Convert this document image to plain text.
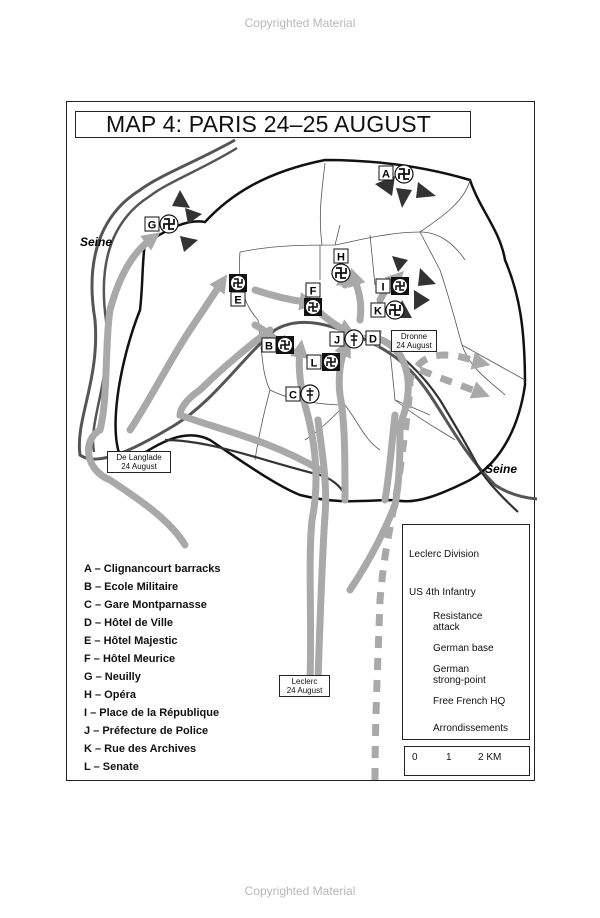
Copyrighted Material
A
G
E
H
F	I
K
B	J	D
L
C
Seine
Seine
MAP 4: PARIS 24–25 AUGUST
De Langlade
24 August
Dronne
24 August
Leclerc
24 August
A – Clignancourt barracks
B – Ecole Militaire
C – Gare Montparnasse
D – Hôtel de Ville
E – Hôtel Majestic
F – Hôtel Meurice
G – Neuilly
H – Opéra
I – Place de la République
J – Préfecture de Police
K – Rue des Archives
L – Senate
Leclerc Division
US 4th Infantry
Resistance
attack
German base
German
strong-point
Free French HQ
Arrondissements
0	1	2 KM
Copyrighted Material
